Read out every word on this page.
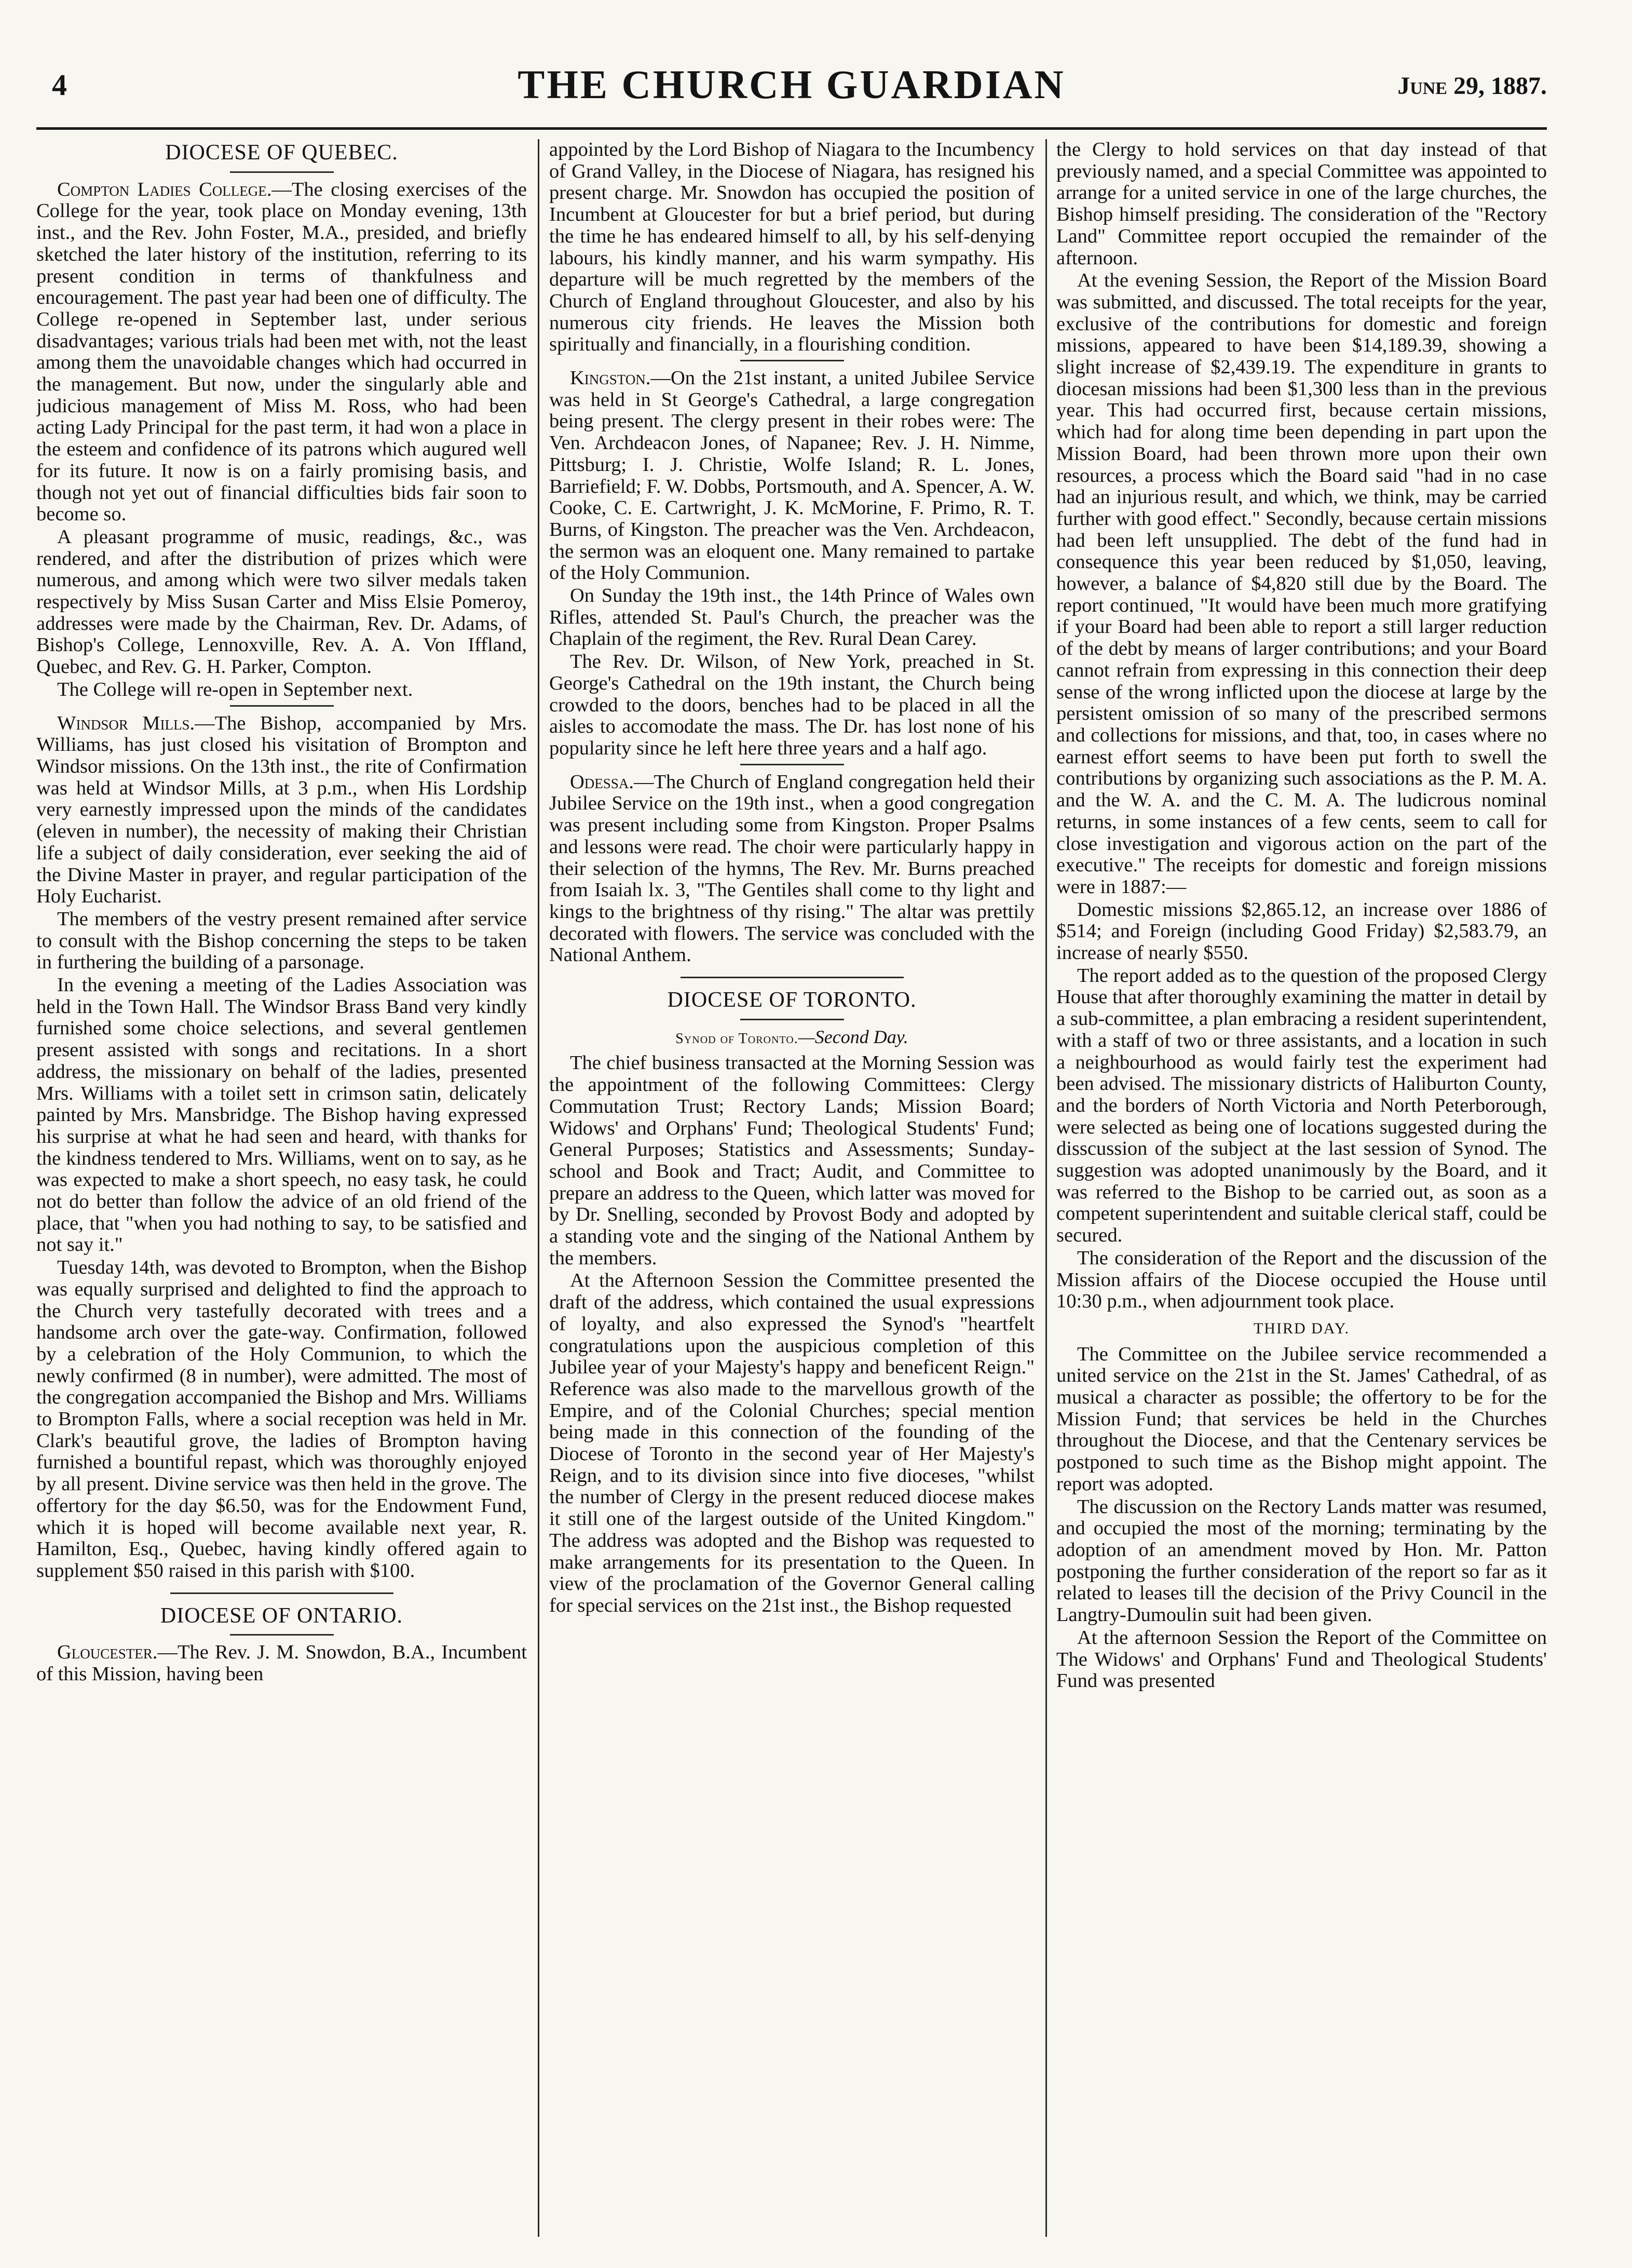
4	THE CHURCH GUARDIAN	June 29, 1887.
DIOCESE OF QUEBEC.

Compton Ladies College.—The closing exercises of the College for the year, took place on Monday evening, 13th inst., and the Rev. John Foster, M.A., presided, and briefly sketched the later history of the institution, referring to its present condition in terms of thankfulness and encouragement. The past year had been one of difficulty. The College re-opened in September last, under serious disadvantages; various trials had been met with, not the least among them the unavoidable changes which had occurred in the management. But now, under the singularly able and judicious management of Miss M. Ross, who had been acting Lady Principal for the past term, it had won a place in the esteem and confidence of its patrons which augured well for its future. It now is on a fairly promising basis, and though not yet out of financial difficulties bids fair soon to become so.

A pleasant programme of music, readings, &c., was rendered, and after the distribution of prizes which were numerous, and among which were two silver medals taken respectively by Miss Susan Carter and Miss Elsie Pomeroy, addresses were made by the Chairman, Rev. Dr. Adams, of Bishop's College, Lennoxville, Rev. A. A. Von Iffland, Quebec, and Rev. G. H. Parker, Compton.

The College will re-open in September next.

Windsor Mills.—The Bishop, accompanied by Mrs. Williams, has just closed his visitation of Brompton and Windsor missions. On the 13th inst., the rite of Confirmation was held at Windsor Mills, at 3 p.m., when His Lordship very earnestly impressed upon the minds of the candidates (eleven in number), the necessity of making their Christian life a subject of daily consideration, ever seeking the aid of the Divine Master in prayer, and regular participation of the Holy Eucharist.

The members of the vestry present remained after service to consult with the Bishop concerning the steps to be taken in furthering the building of a parsonage.

In the evening a meeting of the Ladies Association was held in the Town Hall. The Windsor Brass Band very kindly furnished some choice selections, and several gentlemen present assisted with songs and recitations. In a short address, the missionary on behalf of the ladies, presented Mrs. Williams with a toilet sett in crimson satin, delicately painted by Mrs. Mansbridge. The Bishop having expressed his surprise at what he had seen and heard, with thanks for the kindness tendered to Mrs. Williams, went on to say, as he was expected to make a short speech, no easy task, he could not do better than follow the advice of an old friend of the place, that "when you had nothing to say, to be satisfied and not say it."

Tuesday 14th, was devoted to Brompton, when the Bishop was equally surprised and delighted to find the approach to the Church very tastefully decorated with trees and a handsome arch over the gate-way. Confirmation, followed by a celebration of the Holy Communion, to which the newly confirmed (8 in number), were admitted. The most of the congregation accompanied the Bishop and Mrs. Williams to Brompton Falls, where a social reception was held in Mr. Clark's beautiful grove, the ladies of Brompton having furnished a bountiful repast, which was thoroughly enjoyed by all present. Divine service was then held in the grove. The offertory for the day $6.50, was for the Endowment Fund, which it is hoped will become available next year, R. Hamilton, Esq., Quebec, having kindly offered again to supplement $50 raised in this parish with $100.

DIOCESE OF ONTARIO.

Gloucester.—The Rev. J. M. Snowdon, B.A., Incumbent of this Mission, having been

appointed by the Lord Bishop of Niagara to the Incumbency of Grand Valley, in the Diocese of Niagara, has resigned his present charge. Mr. Snowdon has occupied the position of Incumbent at Gloucester for but a brief period, but during the time he has endeared himself to all, by his self-denying labours, his kindly manner, and his warm sympathy. His departure will be much regretted by the members of the Church of England throughout Gloucester, and also by his numerous city friends. He leaves the Mission both spiritually and financially, in a flourishing condition.

Kingston.—On the 21st instant, a united Jubilee Service was held in St George's Cathedral, a large congregation being present. The clergy present in their robes were: The Ven. Archdeacon Jones, of Napanee; Rev. J. H. Nimme, Pittsburg; I. J. Christie, Wolfe Island; R. L. Jones, Barriefield; F. W. Dobbs, Portsmouth, and A. Spencer, A. W. Cooke, C. E. Cartwright, J. K. McMorine, F. Primo, R. T. Burns, of Kingston. The preacher was the Ven. Archdeacon, the sermon was an eloquent one. Many remained to partake of the Holy Communion.

On Sunday the 19th inst., the 14th Prince of Wales own Rifles, attended St. Paul's Church, the preacher was the Chaplain of the regiment, the Rev. Rural Dean Carey.

The Rev. Dr. Wilson, of New York, preached in St. George's Cathedral on the 19th instant, the Church being crowded to the doors, benches had to be placed in all the aisles to accomodate the mass. The Dr. has lost none of his popularity since he left here three years and a half ago.

Odessa.—The Church of England congregation held their Jubilee Service on the 19th inst., when a good congregation was present including some from Kingston. Proper Psalms and lessons were read. The choir were particularly happy in their selection of the hymns, The Rev. Mr. Burns preached from Isaiah lx. 3, "The Gentiles shall come to thy light and kings to the brightness of thy rising." The altar was prettily decorated with flowers. The service was concluded with the National Anthem.

DIOCESE OF TORONTO.
Synod of Toronto.—Second Day.

The chief business transacted at the Morning Session was the appointment of the following Committees: Clergy Commutation Trust; Rectory Lands; Mission Board; Widows' and Orphans' Fund; Theological Students' Fund; General Purposes; Statistics and Assessments; Sunday-school and Book and Tract; Audit, and Committee to prepare an address to the Queen, which latter was moved for by Dr. Snelling, seconded by Provost Body and adopted by a standing vote and the singing of the National Anthem by the members.

At the Afternoon Session the Committee presented the draft of the address, which contained the usual expressions of loyalty, and also expressed the Synod's "heartfelt congratulations upon the auspicious completion of this Jubilee year of your Majesty's happy and beneficent Reign." Reference was also made to the marvellous growth of the Empire, and of the Colonial Churches; special mention being made in this connection of the founding of the Diocese of Toronto in the second year of Her Majesty's Reign, and to its division since into five dioceses, "whilst the number of Clergy in the present reduced diocese makes it still one of the largest outside of the United Kingdom." The address was adopted and the Bishop was requested to make arrangements for its presentation to the Queen. In view of the proclamation of the Governor General calling for special services on the 21st inst., the Bishop requested

the Clergy to hold services on that day instead of that previously named, and a special Committee was appointed to arrange for a united service in one of the large churches, the Bishop himself presiding. The consideration of the "Rectory Land" Committee report occupied the remainder of the afternoon.

At the evening Session, the Report of the Mission Board was submitted, and discussed. The total receipts for the year, exclusive of the contributions for domestic and foreign missions, appeared to have been $14,189.39, showing a slight increase of $2,439.19. The expenditure in grants to diocesan missions had been $1,300 less than in the previous year. This had occurred first, because certain missions, which had for along time been depending in part upon the Mission Board, had been thrown more upon their own resources, a process which the Board said "had in no case had an injurious result, and which, we think, may be carried further with good effect." Secondly, because certain missions had been left unsupplied. The debt of the fund had in consequence this year been reduced by $1,050, leaving, however, a balance of $4,820 still due by the Board. The report continued, "It would have been much more gratifying if your Board had been able to report a still larger reduction of the debt by means of larger contributions; and your Board cannot refrain from expressing in this connection their deep sense of the wrong inflicted upon the diocese at large by the persistent omission of so many of the prescribed sermons and collections for missions, and that, too, in cases where no earnest effort seems to have been put forth to swell the contributions by organizing such associations as the P. M. A. and the W. A. and the C. M. A. The ludicrous nominal returns, in some instances of a few cents, seem to call for close investigation and vigorous action on the part of the executive." The receipts for domestic and foreign missions were in 1887:—

Domestic missions $2,865.12, an increase over 1886 of $514; and Foreign (including Good Friday) $2,583.79, an increase of nearly $550.

The report added as to the question of the proposed Clergy House that after thoroughly examining the matter in detail by a sub-committee, a plan embracing a resident superintendent, with a staff of two or three assistants, and a location in such a neighbourhood as would fairly test the experiment had been advised. The missionary districts of Haliburton County, and the borders of North Victoria and North Peterborough, were selected as being one of locations suggested during the disscussion of the subject at the last session of Synod. The suggestion was adopted unanimously by the Board, and it was referred to the Bishop to be carried out, as soon as a competent superintendent and suitable clerical staff, could be secured.

The consideration of the Report and the discussion of the Mission affairs of the Diocese occupied the House until 10:30 p.m., when adjournment took place.

THIRD DAY.

The Committee on the Jubilee service recommended a united service on the 21st in the St. James' Cathedral, of as musical a character as possible; the offertory to be for the Mission Fund; that services be held in the Churches throughout the Diocese, and that the Centenary services be postponed to such time as the Bishop might appoint. The report was adopted.

The discussion on the Rectory Lands matter was resumed, and occupied the most of the morning; terminating by the adoption of an amendment moved by Hon. Mr. Patton postponing the further consideration of the report so far as it related to leases till the decision of the Privy Council in the Langtry-Dumoulin suit had been given.

At the afternoon Session the Report of the Committee on The Widows' and Orphans' Fund and Theological Students' Fund was presented
